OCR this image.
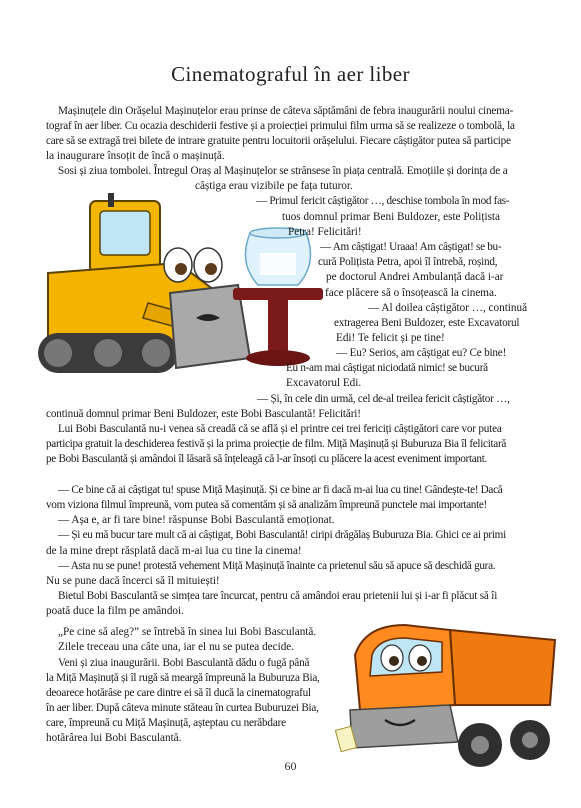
Cinematograful în aer liber

Mașinuțele din Orășelul Mașinuțelor erau prinse de câteva săptămâni de febra inaugurării noului cinema-

tograf în aer liber. Cu ocazia deschiderii festive și a proiecției primului film urma să se realizeze o tombolă, la

care să se extragă trei bilete de intrare gratuite pentru locuitorii orășelului. Fiecare câștigător putea să participe

la inaugurare însoțit de încă o mașinuță.

Sosi și ziua tombolei. Întregul Oraș al Mașinuțelor se strânsese în piața centrală. Emoțiile și dorința de a

câștiga erau vizibile pe fața tuturor.

— Primul fericit câștigător …, deschise tombola în mod fas-

tuos domnul primar Beni Buldozer, este Polițista

Petra! Felicitări!

— Am câștigat! Uraaa! Am câștigat! se bu-

cură Polițista Petra, apoi îl întrebă, roșind,

pe doctorul Andrei Ambulanță dacă i-ar

face plăcere să o însoțească la cinema.

— Al doilea câștigător …, continuă

extragerea Beni Buldozer, este Excavatorul

Edi! Te felicit și pe tine!

— Eu? Serios, am câștigat eu? Ce bine!

Eu n-am mai câștigat niciodată nimic! se bucură

Excavatorul Edi.

— Și, în cele din urmă, cel de-al treilea fericit câștigător …,

continuă domnul primar Beni Buldozer, este Bobi Basculantă! Felicitări!

Lui Bobi Basculantă nu-i venea să creadă că se află și el printre cei trei fericiți câștigători care vor putea

participa gratuit la deschiderea festivă și la prima proiecție de film. Miță Mașinuță și Buburuza Bia îl felicitară

pe Bobi Basculantă și amândoi îl lăsară să înțeleagă că l-ar însoți cu plăcere la acest eveniment important.

— Ce bine că ai câștigat tu! spuse Miță Mașinuță. Și ce bine ar fi dacă m-ai lua cu tine! Gândește-te! Dacă

vom viziona filmul împreună, vom putea să comentăm și să analizăm împreună punctele mai importante!

— Așa e, ar fi tare bine! răspunse Bobi Basculantă emoționat.

— Și eu mă bucur tare mult că ai câștigat, Bobi Basculantă! ciripi drăgălaș Buburuza Bia. Ghici ce ai primi

de la mine drept răsplată dacă m-ai lua cu tine la cinema!

— Asta nu se pune! protestă vehement Miță Mașinuță înainte ca prietenul său să apuce să deschidă gura.

Nu se pune dacă încerci să îl mituiești!

Bietul Bobi Basculantă se simțea tare încurcat, pentru că amândoi erau prietenii lui și i-ar fi plăcut să îi

poată duce la film pe amândoi.

„Pe cine să aleg?” se întrebă în sinea lui Bobi Basculantă.

Zilele treceau una câte una, iar el nu se putea decide.

Veni și ziua inaugurării. Bobi Basculantă dădu o fugă până

la Miță Mașinuță și îl rugă să meargă împreună la Buburuza Bia,

deoarece hotărâse pe care dintre ei să îl ducă la cinematograful

în aer liber. După câteva minute stăteau în curtea Buburuzei Bia,

care, împreună cu Miță Mașinuță, așteptau cu nerăbdare

hotărârea lui Bobi Basculantă.

60
